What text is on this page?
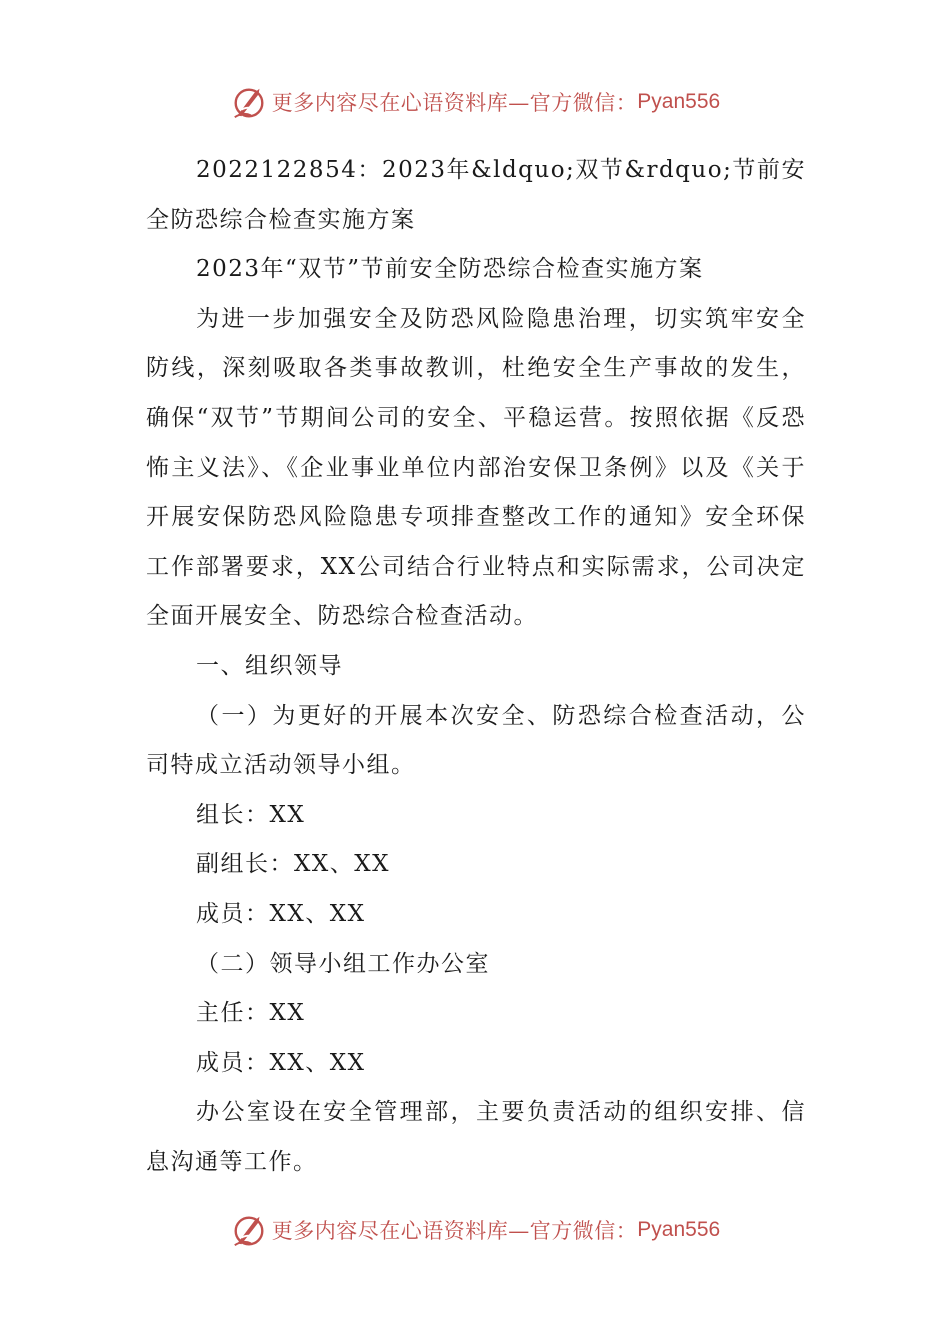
更多内容尽在心语资料库—官方微信： Pyan556

2022122854：2023年&ldquo;双节&rdquo;节前安全防恐综合检查实施方案

2023年“双节”节前安全防恐综合检查实施方案

为进一步加强安全及防恐风险隐患治理，切实筑牢安全防线，深刻吸取各类事故教训，杜绝安全生产事故的发生，确保“双节”节期间公司的安全、平稳运营。按照依据《反恐怖主义法》、《企业事业单位内部治安保卫条例》以及《关于开展安保防恐风险隐患专项排查整改工作的通知》安全环保工作部署要求，XX公司结合行业特点和实际需求，公司决定全面开展安全、防恐综合检查活动。

一、组织领导

（一）为更好的开展本次安全、防恐综合检查活动，公司特成立活动领导小组。

组长：XX

副组长：XX、XX

成员：XX、XX

（二）领导小组工作办公室

主任：XX

成员：XX、XX

办公室设在安全管理部，主要负责活动的组织安排、信息沟通等工作。

更多内容尽在心语资料库—官方微信： Pyan556
